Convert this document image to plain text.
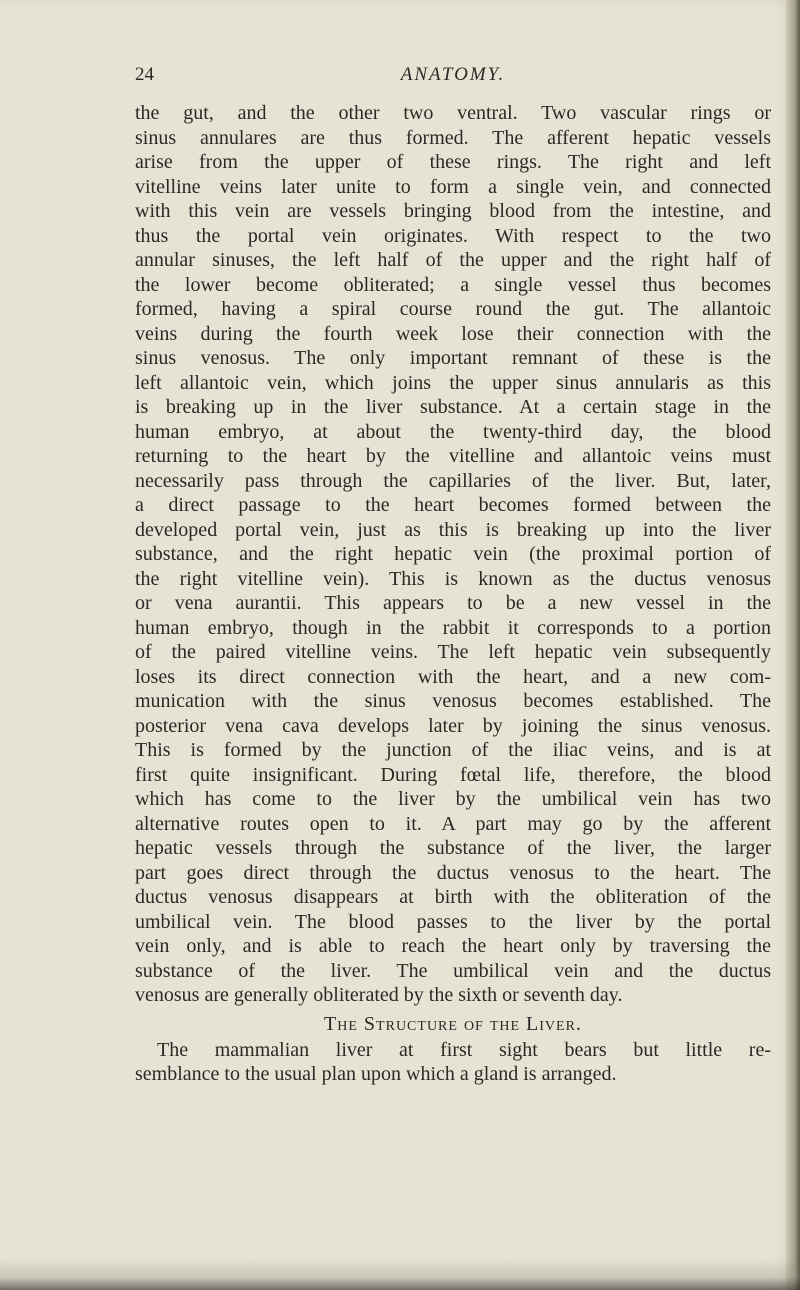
24	ANATOMY.
the gut, and the other two ventral. Two vascular rings or
sinus annulares are thus formed. The afferent hepatic vessels
arise from the upper of these rings. The right and left
vitelline veins later unite to form a single vein, and connected
with this vein are vessels bringing blood from the intestine, and
thus the portal vein originates. With respect to the two
annular sinuses, the left half of the upper and the right half of
the lower become obliterated; a single vessel thus becomes
formed, having a spiral course round the gut. The allantoic
veins during the fourth week lose their connection with the
sinus venosus. The only important remnant of these is the
left allantoic vein, which joins the upper sinus annularis as this
is breaking up in the liver substance. At a certain stage in the
human embryo, at about the twenty-third day, the blood
returning to the heart by the vitelline and allantoic veins must
necessarily pass through the capillaries of the liver. But, later,
a direct passage to the heart becomes formed between the
developed portal vein, just as this is breaking up into the liver
substance, and the right hepatic vein (the proximal portion of
the right vitelline vein). This is known as the ductus venosus
or vena aurantii. This appears to be a new vessel in the
human embryo, though in the rabbit it corresponds to a portion
of the paired vitelline veins. The left hepatic vein subsequently
loses its direct connection with the heart, and a new com-
munication with the sinus venosus becomes established. The
posterior vena cava develops later by joining the sinus venosus.
This is formed by the junction of the iliac veins, and is at
first quite insignificant. During fœtal life, therefore, the blood
which has come to the liver by the umbilical vein has two
alternative routes open to it. A part may go by the afferent
hepatic vessels through the substance of the liver, the larger
part goes direct through the ductus venosus to the heart. The
ductus venosus disappears at birth with the obliteration of the
umbilical vein. The blood passes to the liver by the portal
vein only, and is able to reach the heart only by traversing the
substance of the liver. The umbilical vein and the ductus
venosus are generally obliterated by the sixth or seventh day.
The Structure of the Liver.
The mammalian liver at first sight bears but little re-
semblance to the usual plan upon which a gland is arranged.
